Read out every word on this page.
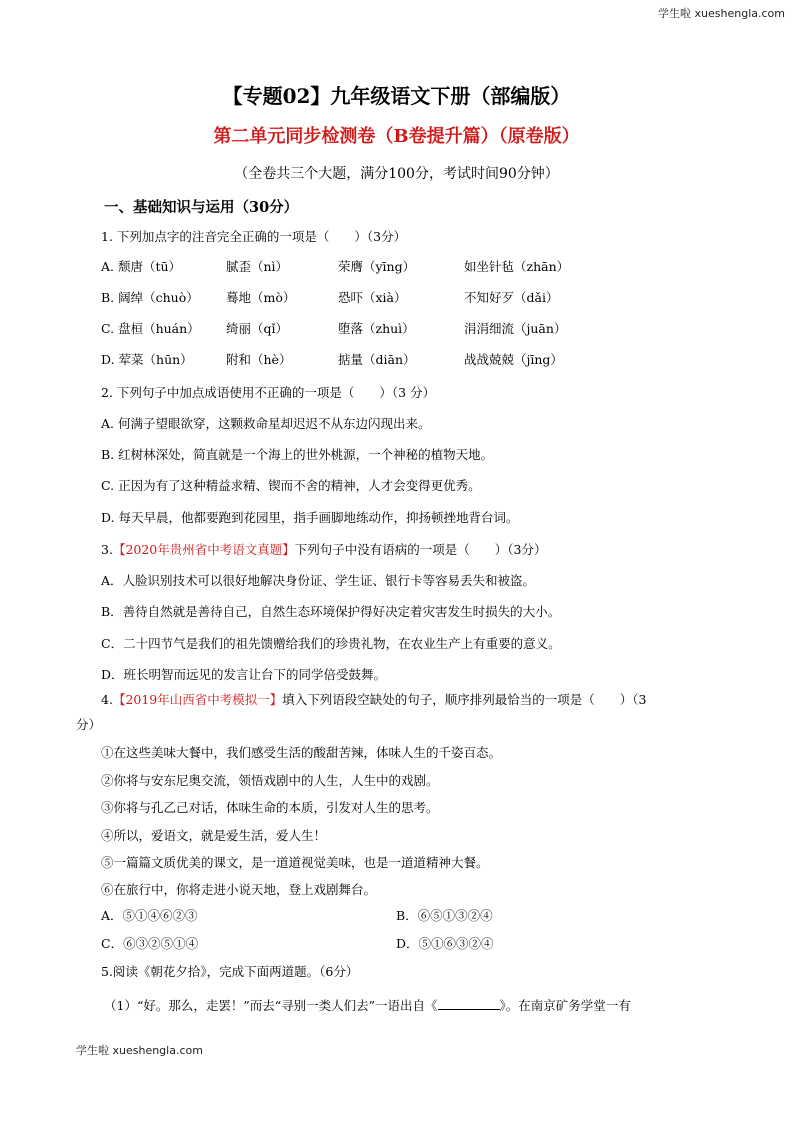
学生啦 xueshengla.com
【专题02】九年级语文下册（部编版）
第二单元同步检测卷（B卷提升篇）（原卷版）
（全卷共三个大题，满分100分，考试时间90分钟）
一、基础知识与运用（30分）
1. 下列加点字的注音完全正确的一项是（　　）（3分）
A. 颓唐（tū）	腻歪（nì）	荣膺（yīng）	如坐针毡（zhān）
B. 阔绰（chuò） 蓦地（mò）	恐吓（xià）	不知好歹（dǎi）
C. 盘桓（huán） 绮丽（qǐ）	堕落（zhuì）	涓涓细流（juān）
D. 荤菜（hūn）	附和（hè）	掂量（diān）	战战兢兢（jīng）
2. 下列句子中加点成语使用不正确的一项是（　　）（3 分）
A. 何满子望眼欲穿，这颗救命星却迟迟不从东边闪现出来。
B. 红树林深处，简直就是一个海上的世外桃源，一个神秘的植物天地。
C. 正因为有了这种精益求精、锲而不舍的精神，人才会变得更优秀。
D. 每天早晨，他都要跑到花园里，指手画脚地练动作，抑扬顿挫地背台词。
3.【2020年贵州省中考语文真题】下列句子中没有语病的一项是（　　）（3分）
A．人脸识别技术可以很好地解决身份证、学生证、银行卡等容易丢失和被盗。
B．善待自然就是善待自己，自然生态环境保护得好决定着灾害发生时损失的大小。
C．二十四节气是我们的祖先馈赠给我们的珍贵礼物，在农业生产上有重要的意义。
D．班长明智而远见的发言让台下的同学倍受鼓舞。
4.【2019年山西省中考模拟一】填入下列语段空缺处的句子，顺序排列最恰当的一项是（　　）（3
分）
①在这些美味大餐中，我们感受生活的酸甜苦辣，体味人生的千姿百态。
②你将与安东尼奥交流，领悟戏剧中的人生，人生中的戏剧。
③你将与孔乙己对话，体味生命的本质，引发对人生的思考。
④所以，爱语文，就是爱生活，爱人生！
⑤一篇篇文质优美的课文，是一道道视觉美味，也是一道道精神大餐。
⑥在旅行中，你将走进小说天地，登上戏剧舞台。
A．⑤①④⑥②③	B．⑥⑤①③②④
C．⑥③②⑤①④	D．⑤①⑥③②④
5.阅读《朝花夕拾》，完成下面两道题。（6分）
（1）“好。那么，走罢！”而去“寻别一类人们去”一语出自《	》。在南京矿务学堂一有
学生啦 xueshengla.com
